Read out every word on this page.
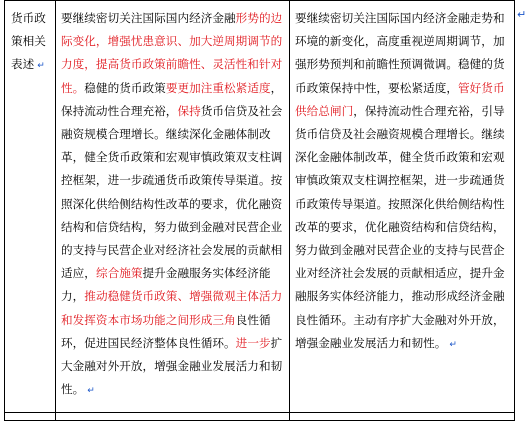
货币政策相关表述 ↵	要继续密切关注国际国内经济金融形势的边际变化，增强忧患意识、加大逆周期调节的力度，提高货币政策前瞻性、灵活性和针对性。稳健的货币政策要更加注重松紧适度，保持流动性合理充裕，保持货币信贷及社会融资规模合理增长。继续深化金融体制改革，健全货币政策和宏观审慎政策双支柱调控框架，进一步疏通货币政策传导渠道。按照深化供给侧结构性改革的要求，优化融资结构和信贷结构，努力做到金融对民营企业的支持与民营企业对经济社会发展的贡献相适应，综合施策提升金融服务实体经济能力，推动稳健货币政策、增强微观主体活力和发挥资本市场功能之间形成三角良性循环，促进国民经济整体良性循环。进一步扩大金融对外开放，增强金融业发展活力和韧性。 ↵	要继续密切关注国际国内经济金融走势和环境的新变化，高度重视逆周期调节，加强形势预判和前瞻性预调微调。稳健的货币政策保持中性，要松紧适度，管好货币供给总闸门，保持流动性合理充裕，引导货币信贷及社会融资规模合理增长。继续深化金融体制改革，健全货币政策和宏观审慎政策双支柱调控框架，进一步疏通货币政策传导渠道。按照深化供给侧结构性改革的要求，优化融资结构和信贷结构，努力做到金融对民营企业的支持与民营企业对经济社会发展的贡献相适应，提升金融服务实体经济能力，推动形成经济金融良性循环。主动有序扩大金融对外开放，增强金融业发展活力和韧性。 ↵
↵
